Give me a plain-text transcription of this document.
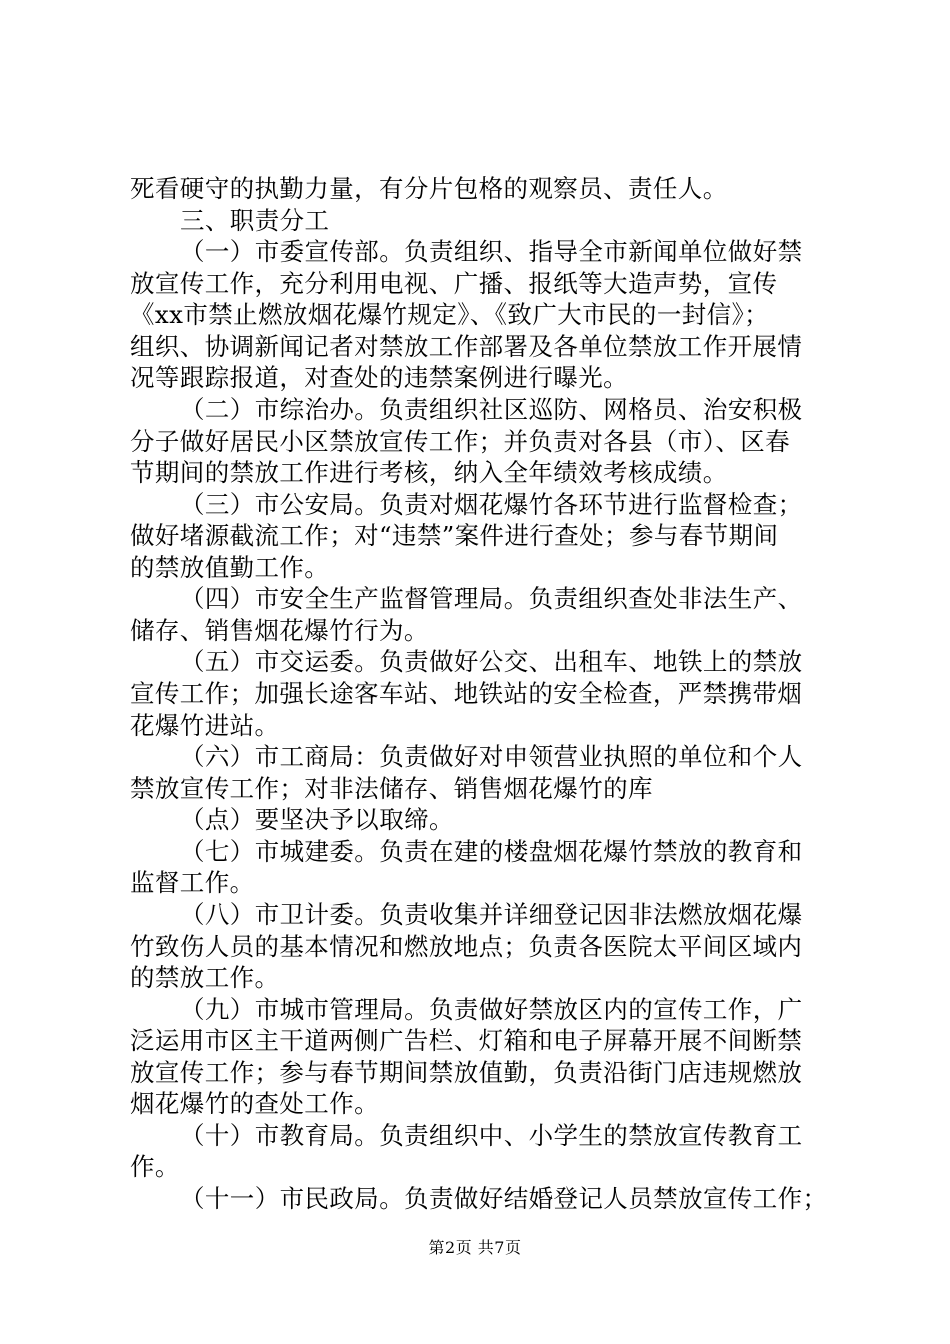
死看硬守的执勤力量，有分片包格的观察员、责任人。
三、职责分工
（一）市委宣传部。负责组织、指导全市新闻单位做好禁
放宣传工作，充分利用电视、广播、报纸等大造声势，宣传
《xx市禁止燃放烟花爆竹规定》、《致广大市民的一封信》；
组织、协调新闻记者对禁放工作部署及各单位禁放工作开展情
况等跟踪报道，对查处的违禁案例进行曝光。
（二）市综治办。负责组织社区巡防、网格员、治安积极
分子做好居民小区禁放宣传工作；并负责对各县（市）、区春
节期间的禁放工作进行考核，纳入全年绩效考核成绩。
（三）市公安局。负责对烟花爆竹各环节进行监督检查；
做好堵源截流工作；对“违禁”案件进行查处；参与春节期间
的禁放值勤工作。
（四）市安全生产监督管理局。负责组织查处非法生产、
储存、销售烟花爆竹行为。
（五）市交运委。负责做好公交、出租车、地铁上的禁放
宣传工作；加强长途客车站、地铁站的安全检查，严禁携带烟
花爆竹进站。
（六）市工商局：负责做好对申领营业执照的单位和个人
禁放宣传工作；对非法储存、销售烟花爆竹的库
（点）要坚决予以取缔。
（七）市城建委。负责在建的楼盘烟花爆竹禁放的教育和
监督工作。
（八）市卫计委。负责收集并详细登记因非法燃放烟花爆
竹致伤人员的基本情况和燃放地点；负责各医院太平间区域内
的禁放工作。
（九）市城市管理局。负责做好禁放区内的宣传工作，广
泛运用市区主干道两侧广告栏、灯箱和电子屏幕开展不间断禁
放宣传工作；参与春节期间禁放值勤，负责沿街门店违规燃放
烟花爆竹的查处工作。
（十）市教育局。负责组织中、小学生的禁放宣传教育工
作。
（十一）市民政局。负责做好结婚登记人员禁放宣传工作；
第2页 共7页
